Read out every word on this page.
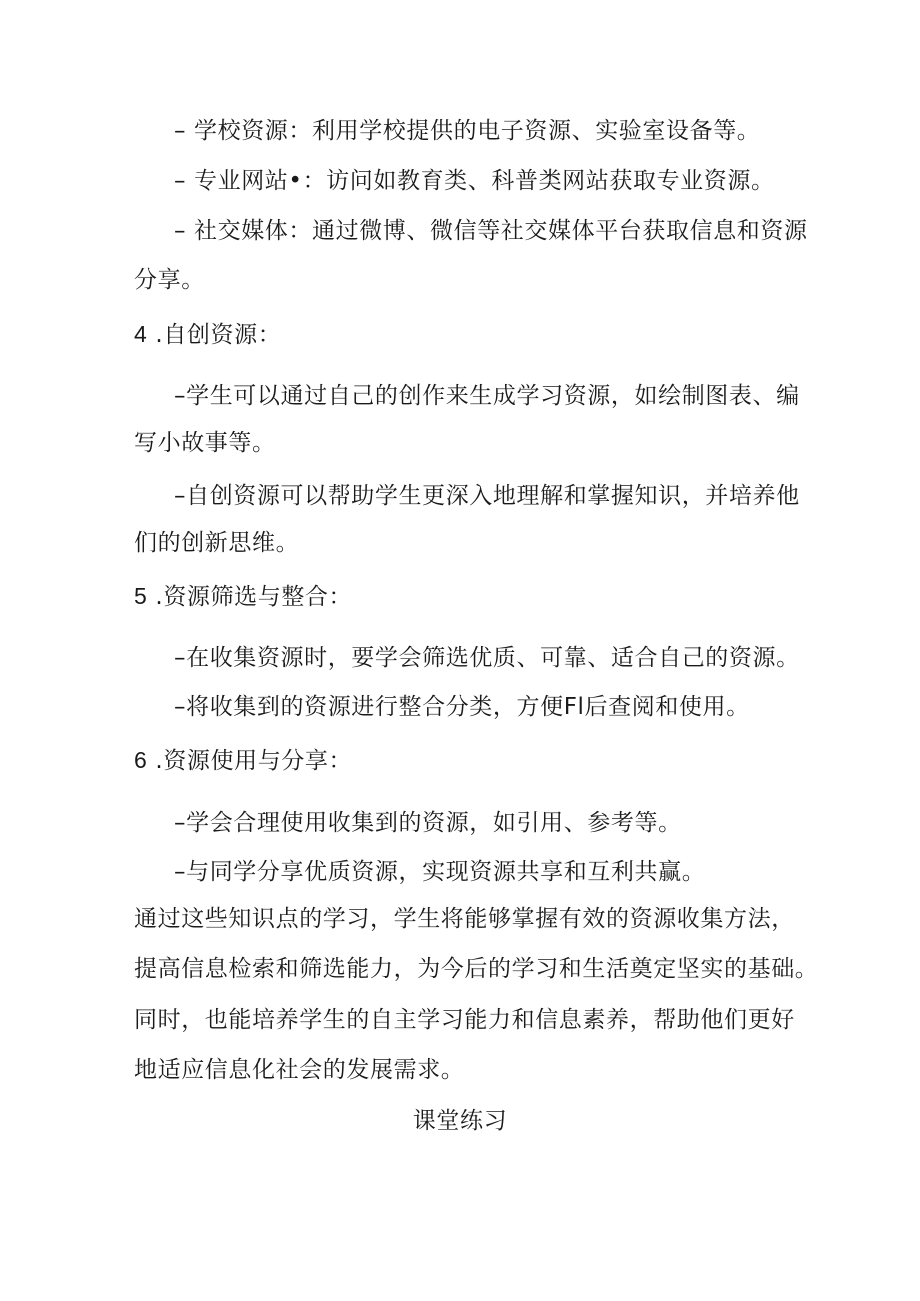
– 学校资源：利用学校提供的电子资源、实验室设备等。
– 专业网站•：访问如教育类、科普类网站获取专业资源。
– 社交媒体：通过微博、微信等社交媒体平台获取信息和资源
分享。
4 .自创资源：
–学生可以通过自己的创作来生成学习资源，如绘制图表、编
写小故事等。
–自创资源可以帮助学生更深入地理解和掌握知识，并培养他
们的创新思维。
5 .资源筛选与整合：
–在收集资源时，要学会筛选优质、可靠、适合自己的资源。
–将收集到的资源进行整合分类，方便Fl后查阅和使用。
6 .资源使用与分享：
–学会合理使用收集到的资源，如引用、参考等。
–与同学分享优质资源，实现资源共享和互利共赢。
通过这些知识点的学习，学生将能够掌握有效的资源收集方法，
提高信息检索和筛选能力，为今后的学习和生活奠定坚实的基础。
同时，也能培养学生的自主学习能力和信息素养，帮助他们更好
地适应信息化社会的发展需求。
课堂练习
